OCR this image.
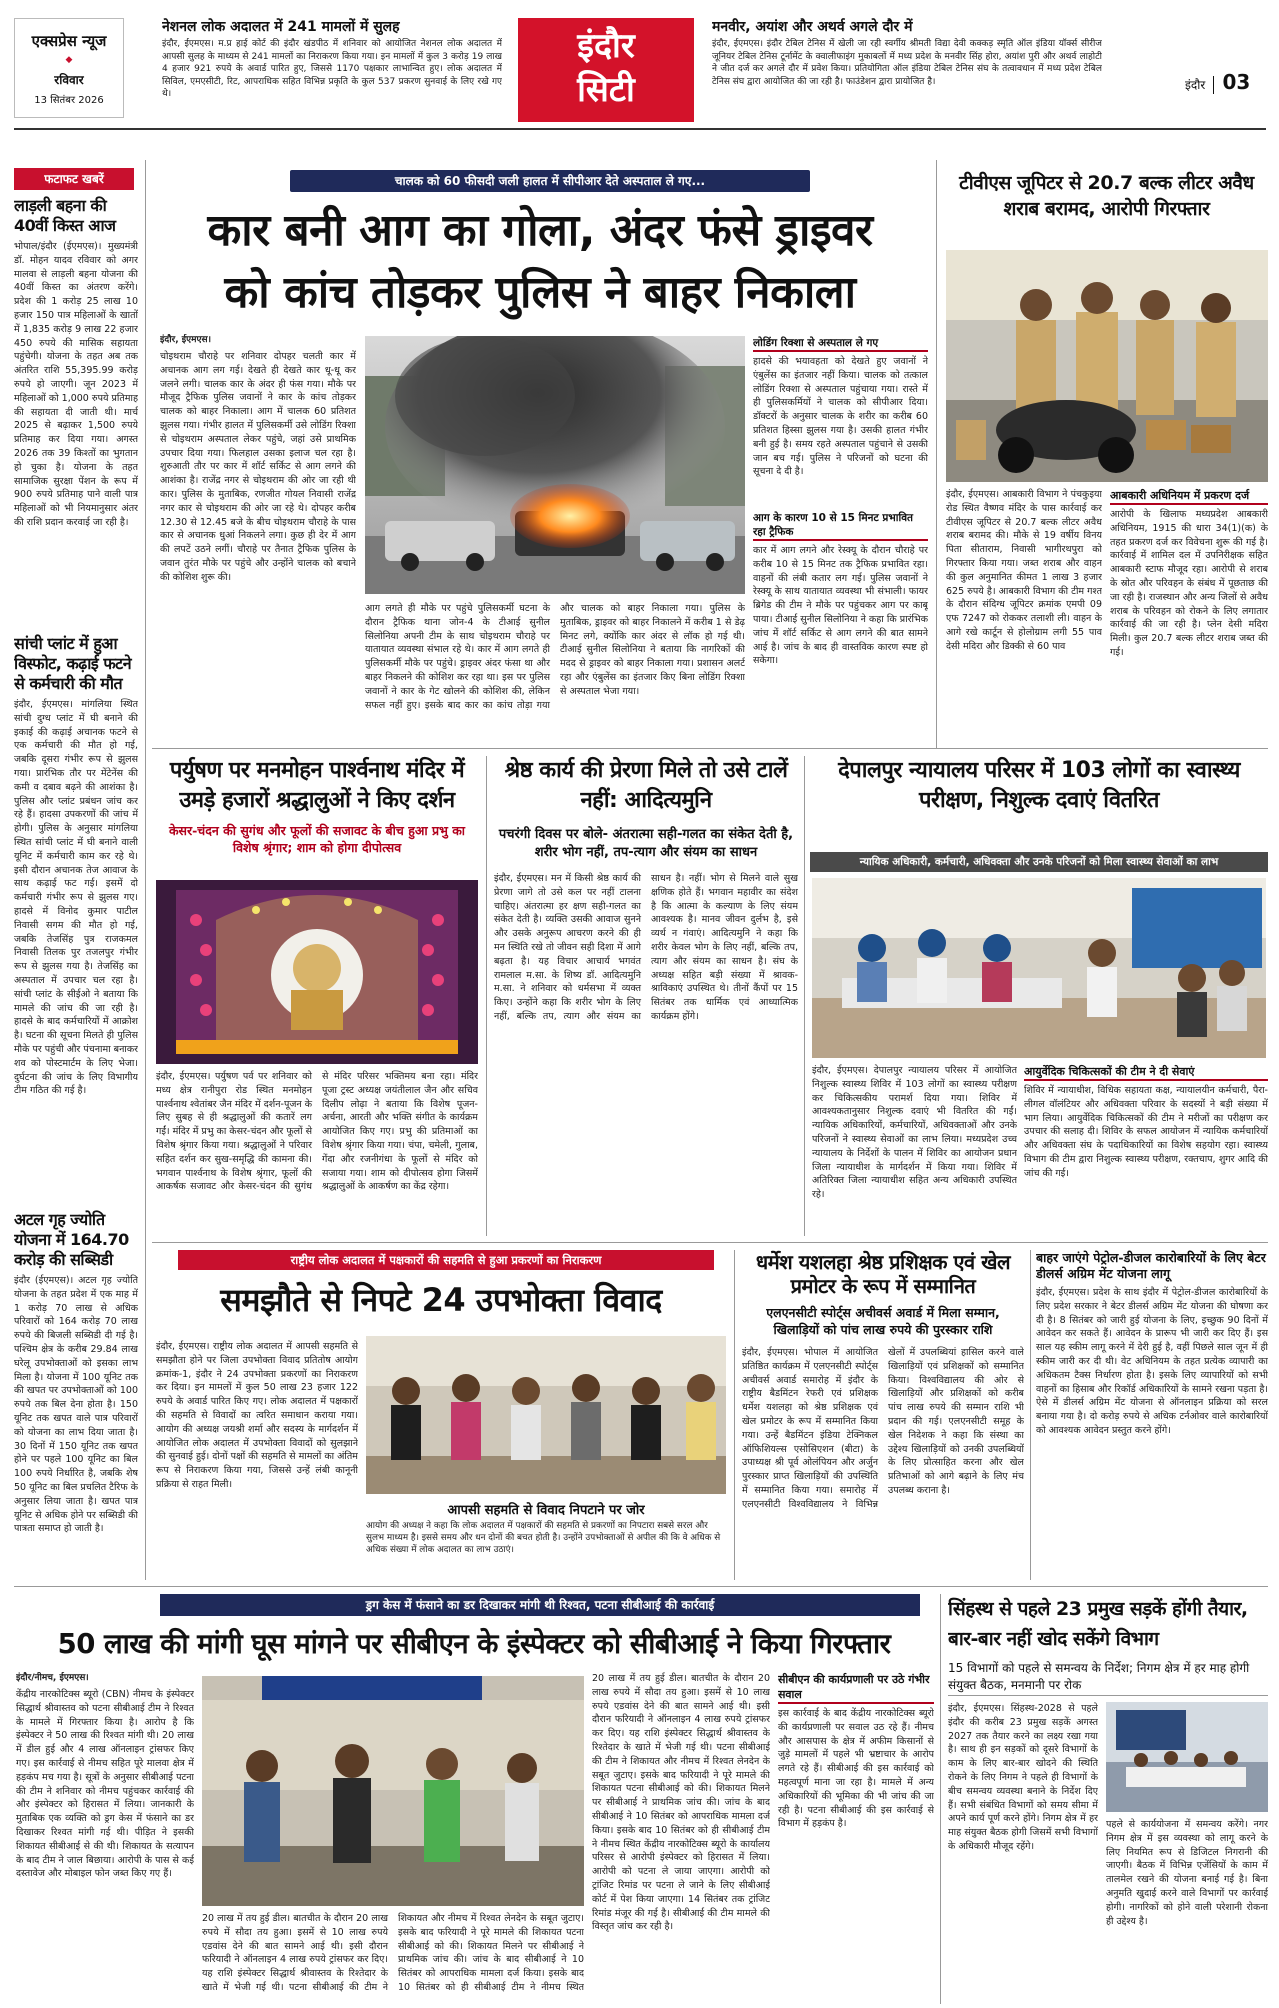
एक्सप्रेस न्यूज
◆
रविवार
13 सितंबर 2026
नेशनल लोक अदालत में 241 मामलों में सुलह
इंदौर, ईएमएस। म.प्र हाई कोर्ट की इंदौर खंडपीठ में शनिवार को आयोजित नेशनल लोक अदालत में आपसी सुलह के माध्यम से 241 मामलों का निराकरण किया गया। इन मामलों में कुल 3 करोड़ 19 लाख 4 हजार 921 रुपये के अवार्ड पारित हुए, जिससे 1170 पक्षकार लाभान्वित हुए। लोक अदालत में सिविल, एमएसीटी, रिट, आपराधिक सहित विभिन्न प्रकृति के कुल 537 प्रकरण सुनवाई के लिए रखे गए थे।
इंदौर
सिटी
मनवीर, अयांश और अथर्व अगले दौर में
इंदौर, ईएमएस। इंदौर टेबिल टेनिस में खेली जा रही स्वर्गीय श्रीमती विद्या देवी कक्कड़ स्मृति ऑल इंडिया यॉर्क्स सीरीज जूनियर टेबिल टेनिस टूर्नामेंट के क्वालीफाइंग मुकाबलों में मध्य प्रदेश के मनवीर सिंह होरा, अयांश पुरी और अथर्व लाहोटी ने जीत दर्ज कर अगले दौर में प्रवेश किया। प्रतियोगिता ऑल इंडिया टेबिल टेनिस संघ के तत्वावधान में मध्य प्रदेश टेबिल टेनिस संघ द्वारा आयोजित की जा रही है। फाउंडेशन द्वारा प्रायोजित है।	इंदौर 03
फटाफट खबरें
लाड़ली बहना की 40वीं किस्त आज
भोपाल/इंदौर (ईएमएस)। मुख्यमंत्री डॉ. मोहन यादव रविवार को अगर मालवा से लाड़ली बहना योजना की 40वीं किस्त का अंतरण करेंगे। प्रदेश की 1 करोड़ 25 लाख 10 हजार 150 पात्र महिलाओं के खातों में 1,835 करोड़ 9 लाख 22 हजार 450 रुपये की मासिक सहायता पहुंचेगी। योजना के तहत अब तक अंतरित राशि 55,395.99 करोड़ रुपये हो जाएगी। जून 2023 में महिलाओं को 1,000 रुपये प्रतिमाह की सहायता दी जाती थी। मार्च 2025 से बढ़ाकर 1,500 रुपये प्रतिमाह कर दिया गया। अगस्त 2026 तक 39 किश्तों का भुगतान हो चुका है। योजना के तहत सामाजिक सुरक्षा पेंशन के रूप में 900 रुपये प्रतिमाह पाने वाली पात्र महिलाओं को भी नियमानुसार अंतर की राशि प्रदान करवाई जा रही है।
सांची प्लांट में हुआ विस्फोट, कढ़ाई फटने से कर्मचारी की मौत
इंदौर, ईएमएस। मांगलिया स्थित सांची दुग्ध प्लांट में घी बनाने की इकाई की कढ़ाई अचानक फटने से एक कर्मचारी की मौत हो गई, जबकि दूसरा गंभीर रूप से झुलस गया। प्रारंभिक तौर पर मेंटेनेंस की कमी व दबाव बढ़ने की आशंका है। पुलिस और प्लांट प्रबंधन जांच कर रहे हैं। हादसा उपकरणों की जांच में होगी। पुलिस के अनुसार मांगलिया स्थित सांची प्लांट में घी बनाने वाली यूनिट में कर्मचारी काम कर रहे थे। इसी दौरान अचानक तेज आवाज के साथ कढ़ाई फट गई। इसमें दो कर्मचारी गंभीर रूप से झुलस गए। हादसे में विनोद कुमार पाटील निवासी सगम की मौत हो गई, जबकि तेजसिंह पुत्र राजकमल निवासी तिलक पुर तजलपुर गंभीर रूप से झुलस गया है। तेजसिंह का अस्पताल में उपचार चल रहा है। सांची प्लांट के सीईओ ने बताया कि मामले की जांच की जा रही है। हादसे के बाद कर्मचारियों में आक्रोश है। घटना की सूचना मिलते ही पुलिस मौके पर पहुंची और पंचनामा बनाकर शव को पोस्टमार्टम के लिए भेजा। दुर्घटना की जांच के लिए विभागीय टीम गठित की गई है।
अटल गृह ज्योति योजना में 164.70 करोड़ की सब्सिडी
इंदौर (ईएमएस)। अटल गृह ज्योति योजना के तहत प्रदेश में एक माह में 1 करोड़ 70 लाख से अधिक परिवारों को 164 करोड़ 70 लाख रुपये की बिजली सब्सिडी दी गई है। पश्चिम क्षेत्र के करीब 29.84 लाख घरेलू उपभोक्ताओं को इसका लाभ मिला है। योजना में 100 यूनिट तक की खपत पर उपभोक्ताओं को 100 रुपये तक बिल देना होता है। 150 यूनिट तक खपत वाले पात्र परिवारों को योजना का लाभ दिया जाता है। 30 दिनों में 150 यूनिट तक खपत होने पर पहले 100 यूनिट का बिल 100 रुपये निर्धारित है, जबकि शेष 50 यूनिट का बिल प्रचलित टैरिफ के अनुसार लिया जाता है। खपत पात्र यूनिट से अधिक होने पर सब्सिडी की पात्रता समाप्त हो जाती है।
चालक को 60 फीसदी जली हालत में सीपीआर देते अस्पताल ले गए...
कार बनी आग का गोला, अंदर फंसे ड्राइवर
को कांच तोड़कर पुलिस ने बाहर निकाला
इंदौर, ईएमएस।
चोइथराम चौराहे पर शनिवार दोपहर चलती कार में अचानक आग लग गई। देखते ही देखते कार धू-धू कर जलने लगी। चालक कार के अंदर ही फंस गया। मौके पर मौजूद ट्रैफिक पुलिस जवानों ने कार के कांच तोड़कर चालक को बाहर निकाला। आग में चालक 60 प्रतिशत झुलस गया। गंभीर हालत में पुलिसकर्मी उसे लोडिंग रिक्शा से चोइथराम अस्पताल लेकर पहुंचे, जहां उसे प्राथमिक उपचार दिया गया। फिलहाल उसका इलाज चल रहा है। शुरुआती तौर पर कार में शॉर्ट सर्किट से आग लगने की आशंका है। राजेंद्र नगर से चोइथराम की ओर जा रही थी कार। पुलिस के मुताबिक, रणजीत गोयल निवासी राजेंद्र नगर कार से चोइथराम की ओर जा रहे थे। दोपहर करीब 12.30 से 12.45 बजे के बीच चोइथराम चौराहे के पास कार से अचानक धुआं निकलने लगा। कुछ ही देर में आग की लपटें उठने लगीं। चौराहे पर तैनात ट्रैफिक पुलिस के जवान तुरंत मौके पर पहुंचे और उन्होंने चालक को बचाने की कोशिश शुरू की।
आग लगते ही मौके पर पहुंचे पुलिसकर्मी घटना के दौरान ट्रैफिक थाना जोन-4 के टीआई सुनील सिलोनिया अपनी टीम के साथ चोइथराम चौराहे पर यातायात व्यवस्था संभाल रहे थे। कार में आग लगते ही पुलिसकर्मी मौके पर पहुंचे। ड्राइवर अंदर फंसा था और बाहर निकलने की कोशिश कर रहा था। इस पर पुलिस जवानों ने कार के गेट खोलने की कोशिश की, लेकिन सफल नहीं हुए। इसके बाद कार का कांच तोड़ा गया और चालक को बाहर निकाला गया। पुलिस के मुताबिक, ड्राइवर को बाहर निकालने में करीब 1 से डेढ़ मिनट लगे, क्योंकि कार अंदर से लॉक हो गई थी। टीआई सुनील सिलोनिया ने बताया कि नागरिकों की मदद से ड्राइवर को बाहर निकाला गया। प्रशासन अलर्ट रहा और एंबुलेंस का इंतजार किए बिना लोडिंग रिक्शा से अस्पताल भेजा गया।
लोडिंग रिक्शा से अस्पताल ले गए
हादसे की भयावहता को देखते हुए जवानों ने एंबुलेंस का इंतजार नहीं किया। चालक को तत्काल लोडिंग रिक्शा से अस्पताल पहुंचाया गया। रास्ते में ही पुलिसकर्मियों ने चालक को सीपीआर दिया। डॉक्टरों के अनुसार चालक के शरीर का करीब 60 प्रतिशत हिस्सा झुलस गया है। उसकी हालत गंभीर बनी हुई है। समय रहते अस्पताल पहुंचाने से उसकी जान बच गई। पुलिस ने परिजनों को घटना की सूचना दे दी है।
आग के कारण 10 से 15 मिनट प्रभावित रहा ट्रैफिक
कार में आग लगने और रेस्क्यू के दौरान चौराहे पर करीब 10 से 15 मिनट तक ट्रैफिक प्रभावित रहा। वाहनों की लंबी कतार लग गई। पुलिस जवानों ने रेस्क्यू के साथ यातायात व्यवस्था भी संभाली। फायर ब्रिगेड की टीम ने मौके पर पहुंचकर आग पर काबू पाया। टीआई सुनील सिलोनिया ने कहा कि प्रारंभिक जांच में शॉर्ट सर्किट से आग लगने की बात सामने आई है। जांच के बाद ही वास्तविक कारण स्पष्ट हो सकेगा।
टीवीएस जूपिटर से 20.7 बल्क लीटर अवैध शराब बरामद, आरोपी गिरफ्तार
इंदौर, ईएमएस। आबकारी विभाग ने पंचकुइया रोड स्थित वैष्णव मंदिर के पास कार्रवाई कर टीवीएस जूपिटर से 20.7 बल्क लीटर अवैध शराब बरामद की। मौके से 19 वर्षीय विनय पिता सीताराम, निवासी भागीरथपुरा को गिरफ्तार किया गया। जब्त शराब और वाहन की कुल अनुमानित कीमत 1 लाख 3 हजार 625 रुपये है। आबकारी विभाग की टीम गश्त के दौरान संदिग्ध जूपिटर क्रमांक एमपी 09 एफ 7247 को रोककर तलाशी ली। वाहन के आगे रखे कार्टून से होलोग्राम लगी 55 पाव देसी मदिरा और डिक्की से 60 पाव
आबकारी अधिनियम में प्रकरण दर्ज
आरोपी के खिलाफ मध्यप्रदेश आबकारी अधिनियम, 1915 की धारा 34(1)(क) के तहत प्रकरण दर्ज कर विवेचना शुरू की गई है। कार्रवाई में शामिल दल में उपनिरीक्षक सहित आबकारी स्टाफ मौजूद रहा। आरोपी से शराब के स्रोत और परिवहन के संबंध में पूछताछ की जा रही है। राजस्थान और अन्य जिलों से अवैध शराब के परिवहन को रोकने के लिए लगातार कार्रवाई की जा रही है। प्लेन देसी मदिरा मिली। कुल 20.7 बल्क लीटर शराब जब्त की गई।
पर्युषण पर मनमोहन पार्श्वनाथ मंदिर में उमड़े हजारों श्रद्धालुओं ने किए दर्शन
केसर-चंदन की सुगंध और फूलों की सजावट के बीच हुआ प्रभु का विशेष श्रृंगार; शाम को होगा दीपोत्सव
इंदौर, ईएमएस। पर्युषण पर्व पर शनिवार को मध्य क्षेत्र रानीपुरा रोड स्थित मनमोहन पार्श्वनाथ श्वेतांबर जैन मंदिर में दर्शन-पूजन के लिए सुबह से ही श्रद्धालुओं की कतारें लग गईं। मंदिर में प्रभु का केसर-चंदन और फूलों से विशेष श्रृंगार किया गया। श्रद्धालुओं ने परिवार सहित दर्शन कर सुख-समृद्धि की कामना की। भगवान पार्श्वनाथ के विशेष श्रृंगार, फूलों की आकर्षक सजावट और केसर-चंदन की सुगंध से मंदिर परिसर भक्तिमय बना रहा। मंदिर पूजा ट्रस्ट अध्यक्ष जयंतीलाल जैन और सचिव दिलीप लोढ़ा ने बताया कि विशेष पूजन-अर्चना, आरती और भक्ति संगीत के कार्यक्रम आयोजित किए गए। प्रभु की प्रतिमाओं का विशेष श्रृंगार किया गया। चंपा, चमेली, गुलाब, गेंदा और रजनीगंधा के फूलों से मंदिर को सजाया गया। शाम को दीपोत्सव होगा जिसमें श्रद्धालुओं के आकर्षण का केंद्र रहेगा।
श्रेष्ठ कार्य की प्रेरणा मिले तो उसे टालें नहीं: आदित्यमुनि
पचरंगी दिवस पर बोले- अंतरात्मा सही-गलत का संकेत देती है, शरीर भोग नहीं, तप-त्याग और संयम का साधन
इंदौर, ईएमएस। मन में किसी श्रेष्ठ कार्य की प्रेरणा जागे तो उसे कल पर नहीं टालना चाहिए। अंतरात्मा हर क्षण सही-गलत का संकेत देती है। व्यक्ति उसकी आवाज सुनने और उसके अनुरूप आचरण करने की ही मन स्थिति रखे तो जीवन सही दिशा में आगे बढ़ता है। यह विचार आचार्य भगवंत रामलाल म.सा. के शिष्य डॉ. आदित्यमुनि म.सा. ने शनिवार को धर्मसभा में व्यक्त किए। उन्होंने कहा कि शरीर भोग के लिए नहीं, बल्कि तप, त्याग और संयम का साधन है। नहीं। भोग से मिलने वाले सुख क्षणिक होते हैं। भगवान महावीर का संदेश है कि आत्मा के कल्याण के लिए संयम आवश्यक है। मानव जीवन दुर्लभ है, इसे व्यर्थ न गंवाएं। आदित्यमुनि ने कहा कि शरीर केवल भोग के लिए नहीं, बल्कि तप, त्याग और संयम का साधन है। संघ के अध्यक्ष सहित बड़ी संख्या में श्रावक-श्राविकाएं उपस्थित थे। तीनों कैंपों पर 15 सितंबर तक धार्मिक एवं आध्यात्मिक कार्यक्रम होंगे।
देपालपुर न्यायालय परिसर में 103 लोगों का स्वास्थ्य परीक्षण, निशुल्क दवाएं वितरित
न्यायिक अधिकारी, कर्मचारी, अधिवक्ता और उनके परिजनों को मिला स्वास्थ्य सेवाओं का लाभ
इंदौर, ईएमएस। देपालपुर न्यायालय परिसर में आयोजित निशुल्क स्वास्थ्य शिविर में 103 लोगों का स्वास्थ्य परीक्षण कर चिकित्सकीय परामर्श दिया गया। शिविर में आवश्यकतानुसार निशुल्क दवाएं भी वितरित की गईं। न्यायिक अधिकारियों, कर्मचारियों, अधिवक्ताओं और उनके परिजनों ने स्वास्थ्य सेवाओं का लाभ लिया। मध्यप्रदेश उच्च न्यायालय के निर्देशों के पालन में शिविर का आयोजन प्रधान जिला न्यायाधीश के मार्गदर्शन में किया गया। शिविर में अतिरिक्त जिला न्यायाधीश सहित अन्य अधिकारी उपस्थित रहे।
आयुर्वेदिक चिकित्सकों की टीम ने दी सेवाएं
शिविर में न्यायाधीश, विधिक सहायता कक्ष, न्यायालयीन कर्मचारी, पैरा-लीगल वॉलंटियर और अधिवक्ता परिवार के सदस्यों ने बड़ी संख्या में भाग लिया। आयुर्वेदिक चिकित्सकों की टीम ने मरीजों का परीक्षण कर उपचार की सलाह दी। शिविर के सफल आयोजन में न्यायिक कर्मचारियों और अधिवक्ता संघ के पदाधिकारियों का विशेष सहयोग रहा। स्वास्थ्य विभाग की टीम द्वारा निशुल्क स्वास्थ्य परीक्षण, रक्तचाप, शुगर आदि की जांच की गई।
राष्ट्रीय लोक अदालत में पक्षकारों की सहमति से हुआ प्रकरणों का निराकरण
समझौते से निपटे 24 उपभोक्ता विवाद
इंदौर, ईएमएस। राष्ट्रीय लोक अदालत में आपसी सहमति से समझौता होने पर जिला उपभोक्ता विवाद प्रतितोष आयोग क्रमांक-1, इंदौर ने 24 उपभोक्ता प्रकरणों का निराकरण कर दिया। इन मामलों में कुल 50 लाख 23 हजार 122 रुपये के अवार्ड पारित किए गए। लोक अदालत में पक्षकारों की सहमति से विवादों का त्वरित समाधान कराया गया। आयोग की अध्यक्ष जयश्री शर्मा और सदस्य के मार्गदर्शन में आयोजित लोक अदालत में उपभोक्ता विवादों को सुलझाने की सुनवाई हुई। दोनों पक्षों की सहमति से मामलों का अंतिम रूप से निराकरण किया गया, जिससे उन्हें लंबी कानूनी प्रक्रिया से राहत मिली।
आपसी सहमति से विवाद निपटाने पर जोर
आयोग की अध्यक्ष ने कहा कि लोक अदालत में पक्षकारों की सहमति से प्रकरणों का निपटारा सबसे सरल और सुलभ माध्यम है। इससे समय और धन दोनों की बचत होती है। उन्होंने उपभोक्ताओं से अपील की कि वे अधिक से अधिक संख्या में लोक अदालत का लाभ उठाएं।
धर्मेश यशलहा श्रेष्ठ प्रशिक्षक एवं खेल प्रमोटर के रूप में सम्मानित
एलएनसीटी स्पोर्ट्स अचीवर्स अवार्ड में मिला सम्मान, खिलाड़ियों को पांच लाख रुपये की पुरस्कार राशि
इंदौर, ईएमएस। भोपाल में आयोजित प्रतिष्ठित कार्यक्रम में एलएनसीटी स्पोर्ट्स अचीवर्स अवार्ड समारोह में इंदौर के राष्ट्रीय बैडमिंटन रेफरी एवं प्रशिक्षक धर्मेश यशलहा को श्रेष्ठ प्रशिक्षक एवं खेल प्रमोटर के रूप में सम्मानित किया गया। उन्हें बैडमिंटन इंडिया टेक्निकल ऑफिशियल्स एसोसिएशन (बीटा) के उपाध्यक्ष श्री पूर्व ओलंपियन और अर्जुन पुरस्कार प्राप्त खिलाड़ियों की उपस्थिति में सम्मानित किया गया। समारोह में एलएनसीटी विश्वविद्यालय ने विभिन्न खेलों में उपलब्धियां हासिल करने वाले खिलाड़ियों एवं प्रशिक्षकों को सम्मानित किया। विश्वविद्यालय की ओर से खिलाड़ियों और प्रशिक्षकों को करीब पांच लाख रुपये की सम्मान राशि भी प्रदान की गई। एलएनसीटी समूह के खेल निदेशक ने कहा कि संस्था का उद्देश्य खिलाड़ियों को उनकी उपलब्धियों के लिए प्रोत्साहित करना और खेल प्रतिभाओं को आगे बढ़ाने के लिए मंच उपलब्ध कराना है।
बाहर जाएंगे पेट्रोल-डीजल कारोबारियों के लिए बेटर डीलर्स अग्रिम मेंट योजना लागू
इंदौर, ईएमएस। प्रदेश के साथ इंदौर में पेट्रोल-डीजल कारोबारियों के लिए प्रदेश सरकार ने बेटर डीलर्स अग्रिम मेंट योजना की घोषणा कर दी है। 8 सितंबर को जारी हुई योजना के लिए, इच्छुक 90 दिनों में आवेदन कर सकते हैं। आवेदन के प्रारूप भी जारी कर दिए हैं। इस साल यह स्कीम लागू करने में देरी हुई है, वहीं पिछले साल जून में ही स्कीम जारी कर दी थी। वेट अधिनियम के तहत प्रत्येक व्यापारी का अधिकतम टैक्स निर्धारण होता है। इसके लिए व्यापारियों को सभी वाहनों का हिसाब और रिकॉर्ड अधिकारियों के सामने रखना पड़ता है। ऐसे में डीलर्स अग्रिम मेंट योजना से ऑनलाइन प्रक्रिया को सरल बनाया गया है। दो करोड़ रुपये से अधिक टर्नओवर वाले कारोबारियों को आवश्यक आवेदन प्रस्तुत करने होंगे।
ड्रग केस में फंसाने का डर दिखाकर मांगी थी रिश्वत, पटना सीबीआई की कार्रवाई
50 लाख की मांगी घूस मांगने पर सीबीएन के इंस्पेक्टर को सीबीआई ने किया गिरफ्तार
इंदौर/नीमच, ईएमएस।
केंद्रीय नारकोटिक्स ब्यूरो (CBN) नीमच के इंस्पेक्टर सिद्धार्थ श्रीवास्तव को पटना सीबीआई टीम ने रिश्वत के मामले में गिरफ्तार किया है। आरोप है कि इंस्पेक्टर ने 50 लाख की रिश्वत मांगी थी। 20 लाख में डील हुई और 4 लाख ऑनलाइन ट्रांसफर किए गए। इस कार्रवाई से नीमच सहित पूरे मालवा क्षेत्र में हड़कंप मच गया है। सूत्रों के अनुसार सीबीआई पटना की टीम ने शनिवार को नीमच पहुंचकर कार्रवाई की और इंस्पेक्टर को हिरासत में लिया। जानकारी के मुताबिक एक व्यक्ति को ड्रग केस में फंसाने का डर दिखाकर रिश्वत मांगी गई थी। पीड़ित ने इसकी शिकायत सीबीआई से की थी। शिकायत के सत्यापन के बाद टीम ने जाल बिछाया। आरोपी के पास से कई दस्तावेज और मोबाइल फोन जब्त किए गए हैं।
20 लाख में तय हुई डील। बातचीत के दौरान 20 लाख रुपये में सौदा तय हुआ। इसमें से 10 लाख रुपये एडवांस देने की बात सामने आई थी। इसी दौरान फरियादी ने ऑनलाइन 4 लाख रुपये ट्रांसफर कर दिए। यह राशि इंस्पेक्टर सिद्धार्थ श्रीवास्तव के रिश्तेदार के खाते में भेजी गई थी। पटना सीबीआई की टीम ने शिकायत और नीमच में रिश्वत लेनदेन के सबूत जुटाए। इसके बाद फरियादी ने पूरे मामले की शिकायत पटना सीबीआई को की। शिकायत मिलने पर सीबीआई ने प्राथमिक जांच की। जांच के बाद सीबीआई ने 10 सितंबर को आपराधिक मामला दर्ज किया। इसके बाद 10 सितंबर को ही सीबीआई टीम ने नीमच स्थित
20 लाख में तय हुई डील। बातचीत के दौरान 20 लाख रुपये में सौदा तय हुआ। इसमें से 10 लाख रुपये एडवांस देने की बात सामने आई थी। इसी दौरान फरियादी ने ऑनलाइन 4 लाख रुपये ट्रांसफर कर दिए। यह राशि इंस्पेक्टर सिद्धार्थ श्रीवास्तव के रिश्तेदार के खाते में भेजी गई थी। पटना सीबीआई की टीम ने शिकायत और नीमच में रिश्वत लेनदेन के सबूत जुटाए। इसके बाद फरियादी ने पूरे मामले की शिकायत पटना सीबीआई को की। शिकायत मिलने पर सीबीआई ने प्राथमिक जांच की। जांच के बाद सीबीआई ने 10 सितंबर को आपराधिक मामला दर्ज किया। इसके बाद 10 सितंबर को ही सीबीआई टीम ने नीमच स्थित केंद्रीय नारकोटिक्स ब्यूरो के कार्यालय परिसर से आरोपी इंस्पेक्टर को हिरासत में लिया। आरोपी को पटना ले जाया जाएगा। आरोपी को ट्रांजिट रिमांड पर पटना ले जाने के लिए सीबीआई कोर्ट में पेश किया जाएगा। 14 सितंबर तक ट्रांजिट रिमांड मंजूर की गई है। सीबीआई की टीम मामले की विस्तृत जांच कर रही है।
सीबीएन की कार्यप्रणाली पर उठे गंभीर सवाल
इस कार्रवाई के बाद केंद्रीय नारकोटिक्स ब्यूरो की कार्यप्रणाली पर सवाल उठ रहे हैं। नीमच और आसपास के क्षेत्र में अफीम किसानों से जुड़े मामलों में पहले भी भ्रष्टाचार के आरोप लगते रहे हैं। सीबीआई की इस कार्रवाई को महत्वपूर्ण माना जा रहा है। मामले में अन्य अधिकारियों की भूमिका की भी जांच की जा रही है। पटना सीबीआई की इस कार्रवाई से विभाग में हड़कंप है।
सिंहस्थ से पहले 23 प्रमुख सड़कें होंगी तैयार, बार-बार नहीं खोद सकेंगे विभाग
15 विभागों को पहले से समन्वय के निर्देश; निगम क्षेत्र में हर माह होगी संयुक्त बैठक, मनमानी पर रोक
इंदौर, ईएमएस। सिंहस्थ-2028 से पहले इंदौर की करीब 23 प्रमुख सड़कें अगस्त 2027 तक तैयार करने का लक्ष्य रखा गया है। साथ ही इन सड़कों को दूसरे विभागों के काम के लिए बार-बार खोदने की स्थिति रोकने के लिए निगम ने पहले ही विभागों के बीच समन्वय व्यवस्था बनाने के निर्देश दिए हैं। सभी संबंधित विभागों को समय सीमा में अपने कार्य पूर्ण करने होंगे। निगम क्षेत्र में हर माह संयुक्त बैठक होगी जिसमें सभी विभागों के अधिकारी मौजूद रहेंगे।
पहले से कार्ययोजना में समन्वय करेंगे। नगर निगम क्षेत्र में इस व्यवस्था को लागू करने के लिए नियमित रूप से डिजिटल निगरानी की जाएगी। बैठक में विभिन्न एजेंसियों के काम में तालमेल रखने की योजना बनाई गई है। बिना अनुमति खुदाई करने वाले विभागों पर कार्रवाई होगी। नागरिकों को होने वाली परेशानी रोकना ही उद्देश्य है।
